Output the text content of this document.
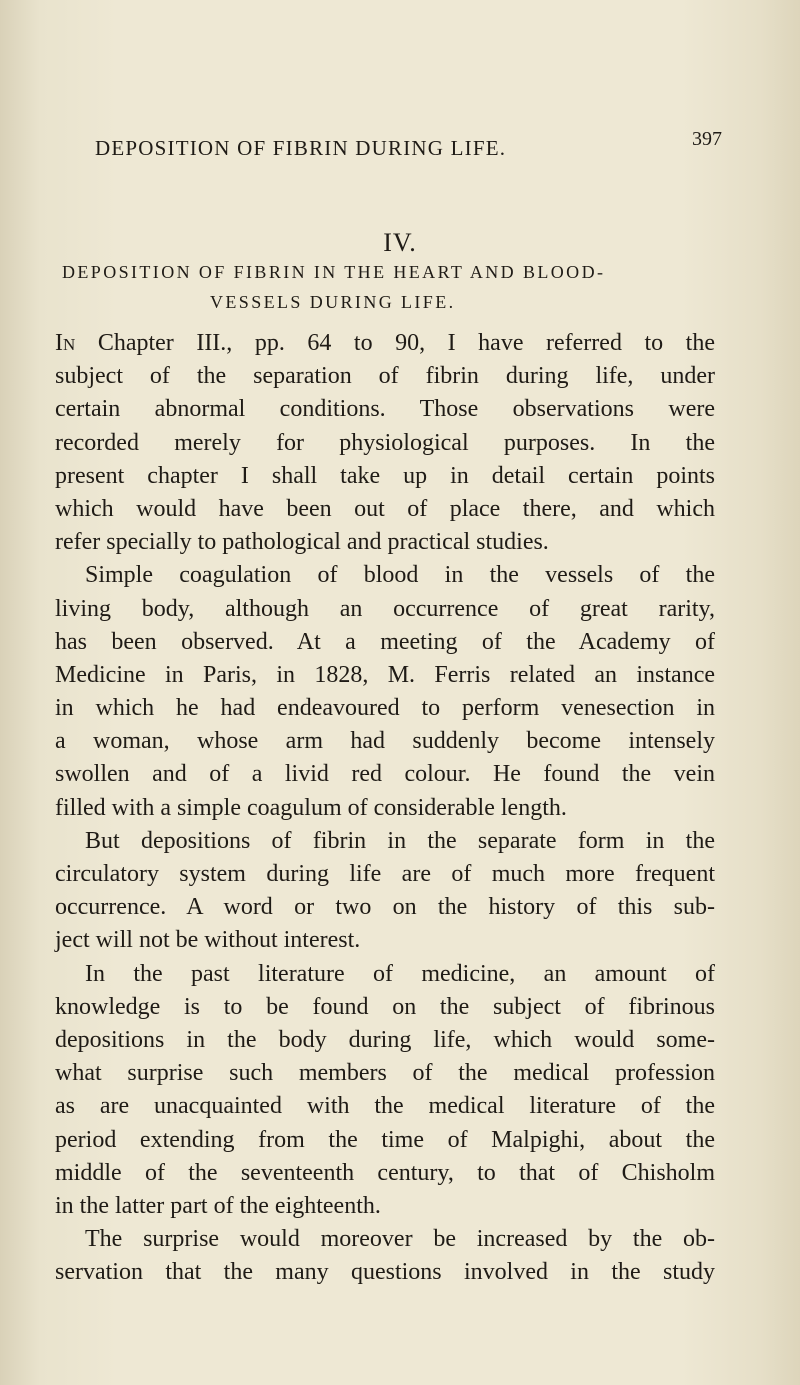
DEPOSITION OF FIBRIN DURING LIFE.	397
IV.
DEPOSITION OF FIBRIN IN THE HEART AND BLOOD-
VESSELS DURING LIFE.
In Chapter III., pp. 64 to 90, I have referred to the
subject of the separation of fibrin during life, under
certain abnormal conditions. Those observations were
recorded merely for physiological purposes. In the
present chapter I shall take up in detail certain points
which would have been out of place there, and which
refer specially to pathological and practical studies.
Simple coagulation of blood in the vessels of the
living body, although an occurrence of great rarity,
has been observed. At a meeting of the Academy of
Medicine in Paris, in 1828, M. Ferris related an instance
in which he had endeavoured to perform venesection in
a woman, whose arm had suddenly become intensely
swollen and of a livid red colour. He found the vein
filled with a simple coagulum of considerable length.
But depositions of fibrin in the separate form in the
circulatory system during life are of much more frequent
occurrence. A word or two on the history of this sub-
ject will not be without interest.
In the past literature of medicine, an amount of
knowledge is to be found on the subject of fibrinous
depositions in the body during life, which would some-
what surprise such members of the medical profession
as are unacquainted with the medical literature of the
period extending from the time of Malpighi, about the
middle of the seventeenth century, to that of Chisholm
in the latter part of the eighteenth.
The surprise would moreover be increased by the ob-
servation that the many questions involved in the study
